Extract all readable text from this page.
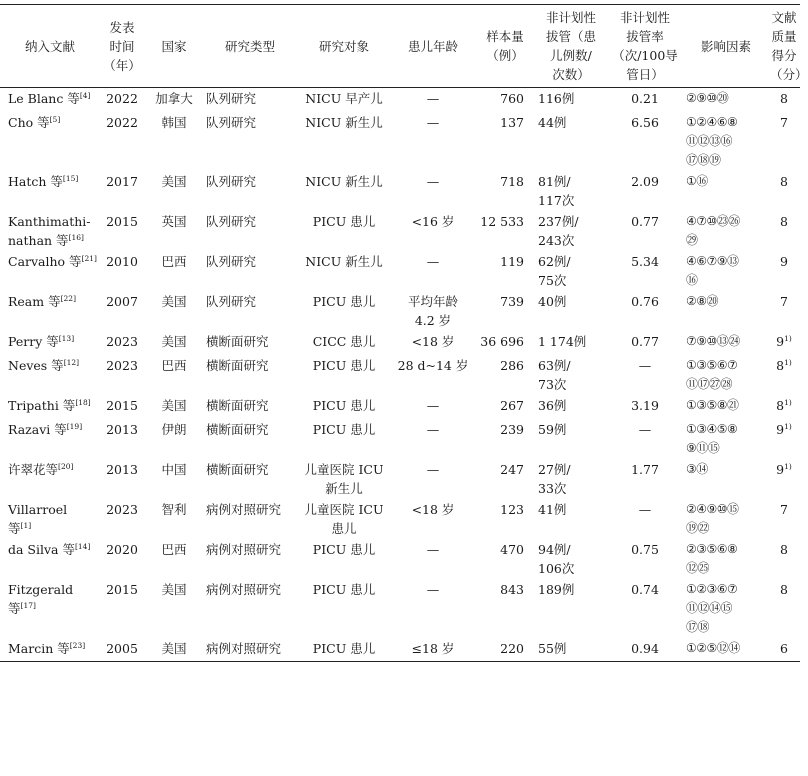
纳入文献	发表
时间
（年）	国家	研究类型	研究对象	患儿年龄	样本量
（例）	非计划性
拔管（患
儿例数/
次数）	非计划性
拔管率
（次/100导
管日）	影响因素	文献
质量
得分
（分）
Le Blanc 等[4]	2022	加拿大	队列研究	NICU 早产儿	—	760	116例	0.21	②⑨⑩⑳	8
Cho 等[5]	2022	韩国	队列研究	NICU 新生儿	—	137	44例	6.56	①②④⑥⑧
⑪⑫⑬⑯
⑰⑱⑲	7
Hatch 等[15]	2017	美国	队列研究	NICU 新生儿	—	718	81例/
117次	2.09	①⑯	8
Kanthimathi-
nathan 等[16]	2015	英国	队列研究	PICU 患儿	<16 岁	12 533	237例/
243次	0.77	④⑦⑩㉓㉖
㉙	8
Carvalho 等[21]	2010	巴西	队列研究	NICU 新生儿	—	119	62例/
75次	5.34	④⑥⑦⑨⑬
⑯	9
Ream 等[22]	2007	美国	队列研究	PICU 患儿	平均年龄
4.2 岁	739	40例	0.76	②⑧⑳	7
Perry 等[13]	2023	美国	横断面研究	CICC 患儿	<18 岁	36 696	1 174例	0.77	⑦⑨⑩⑬㉔	9$^{1)}$
Neves 等[12]	2023	巴西	横断面研究	PICU 患儿	28 d~14 岁	286	63例/
73次	—	①③⑤⑥⑦
⑪⑰㉗㉘	8$^{1)}$
Tripathi 等[18]	2015	美国	横断面研究	PICU 患儿	—	267	36例	3.19	①③⑤⑧㉑	8$^{1)}$
Razavi 等[19]	2013	伊朗	横断面研究	PICU 患儿	—	239	59例	—	①③④⑤⑧
⑨⑪⑮	9$^{1)}$
许翠花等[20]	2013	中国	横断面研究	儿童医院 ICU
新生儿	—	247	27例/
33次	1.77	③⑭	9$^{1)}$
Villarroel
等[1]	2023	智利	病例对照研究	儿童医院 ICU
患儿	<18 岁	123	41例	—	②④⑨⑩⑮
⑲㉒	7
da Silva 等[14]	2020	巴西	病例对照研究	PICU 患儿	—	470	94例/
106次	0.75	②③⑤⑥⑧
⑫㉕	8
Fitzgerald
等[17]	2015	美国	病例对照研究	PICU 患儿	—	843	189例	0.74	①②③⑥⑦
⑪⑫⑭⑮
⑰⑱	8
Marcin 等[23]	2005	美国	病例对照研究	PICU 患儿	≤18 岁	220	55例	0.94	①②⑤⑫⑭	6
